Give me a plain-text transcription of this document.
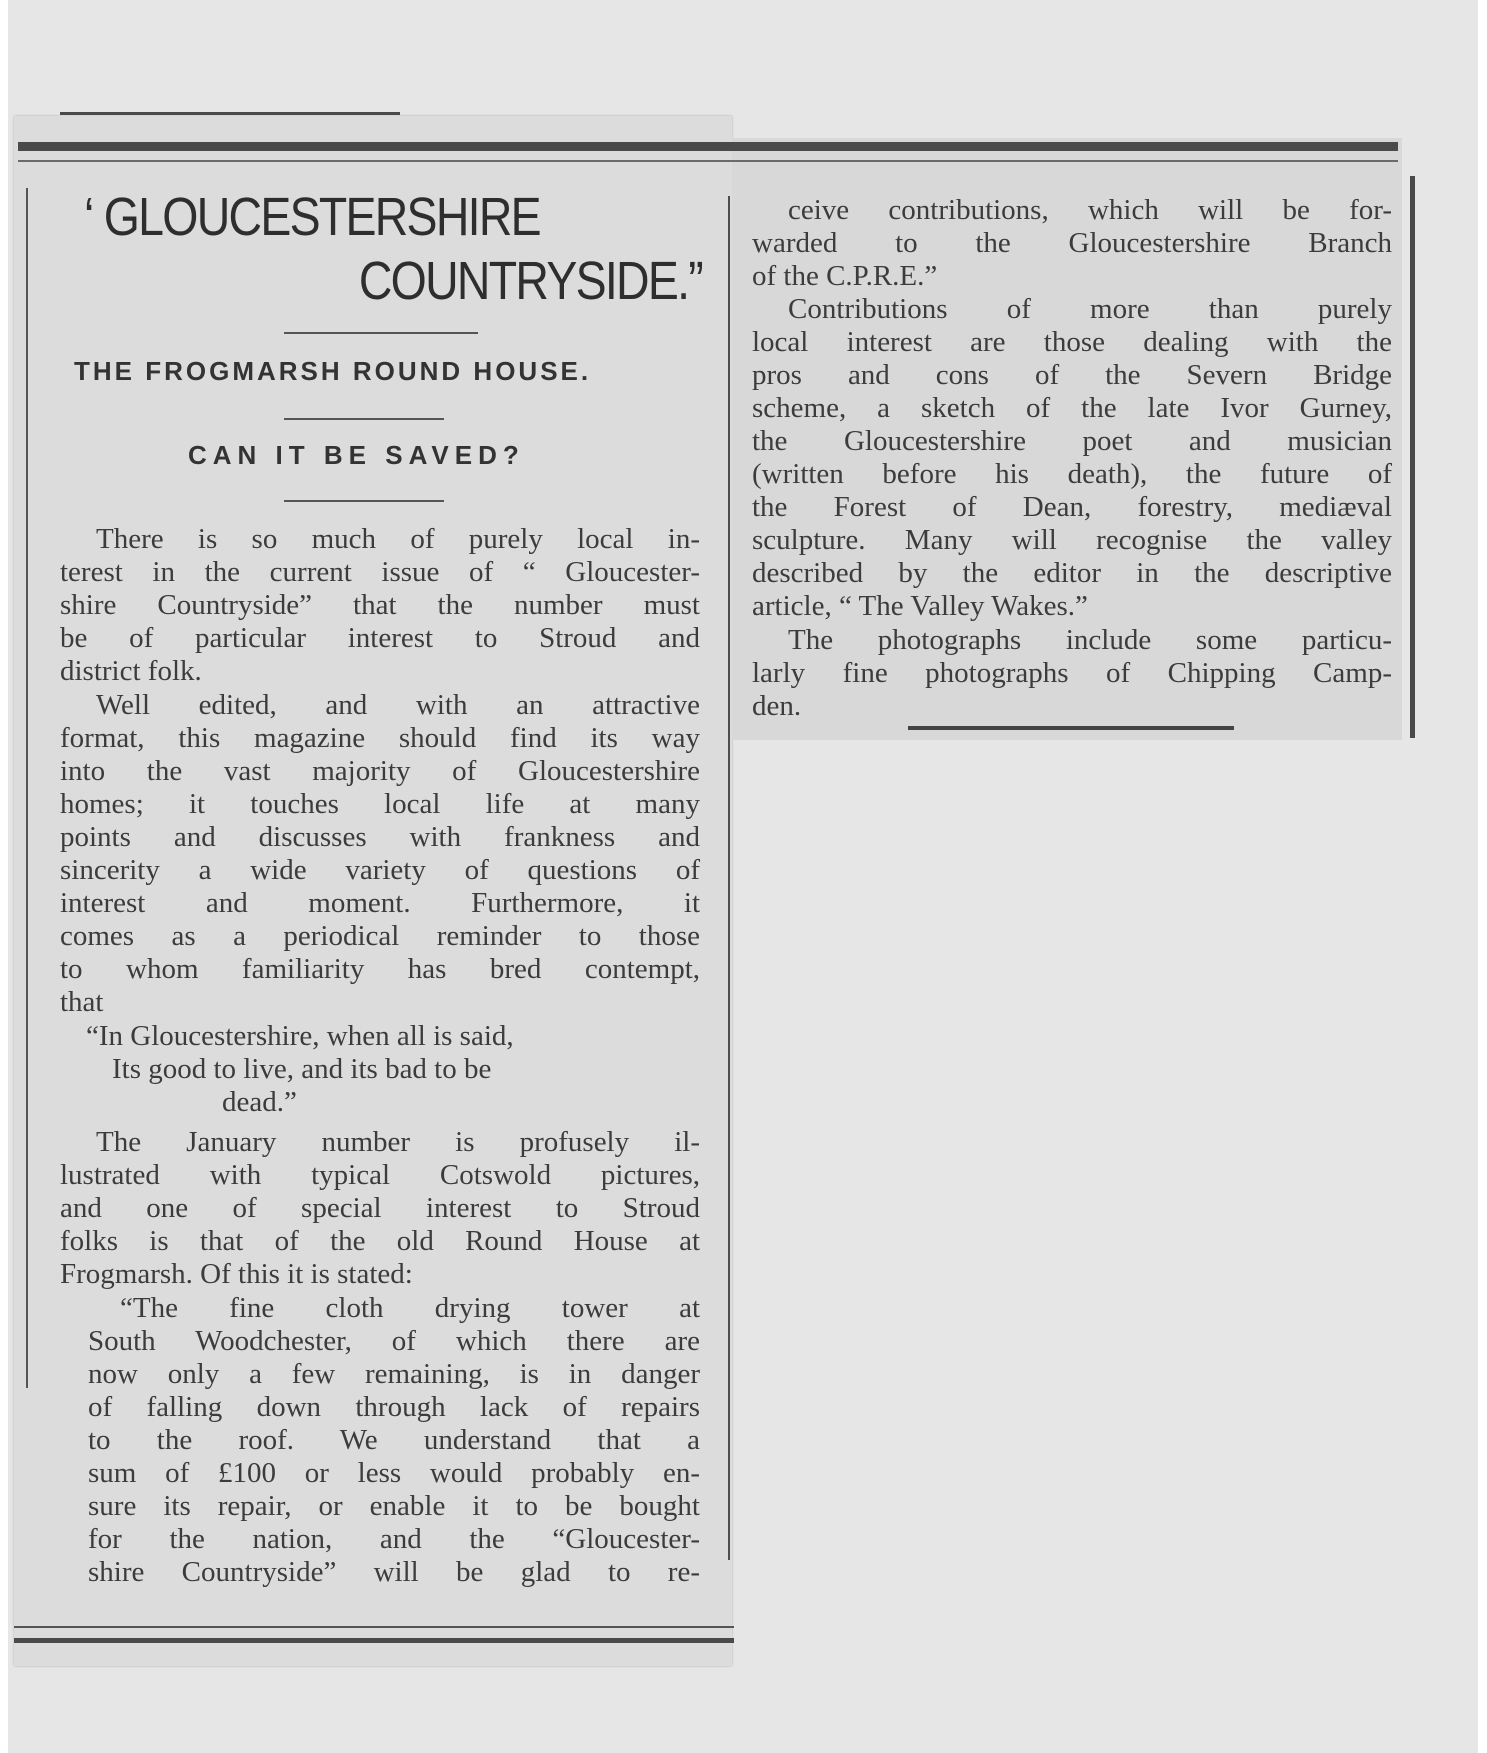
‘ GLOUCESTERSHIRE
COUNTRYSIDE.”
THE FROGMARSH ROUND HOUSE.
CAN IT BE SAVED?

There is so much of purely local in-

terest in the current issue of “ Gloucester-

shire Countryside” that the number must

be of particular interest to Stroud and

district folk.

Well edited, and with an attractive

format, this magazine should find its way

into the vast majority of Gloucestershire

homes; it touches local life at many

points and discusses with frankness and

sincerity a wide variety of questions of

interest and moment. Furthermore, it

comes as a periodical reminder to those

to whom familiarity has bred contempt,

that

“In Gloucestershire, when all is said,

Its good to live, and its bad to be

dead.”

The January number is profusely il-

lustrated with typical Cotswold pictures,

and one of special interest to Stroud

folks is that of the old Round House at

Frogmarsh. Of this it is stated:

“The fine cloth drying tower at

South Woodchester, of which there are

now only a few remaining, is in danger

of falling down through lack of repairs

to the roof. We understand that a

sum of £100 or less would probably en-

sure its repair, or enable it to be bought

for the nation, and the “Gloucester-

shire Countryside” will be glad to re-

ceive contributions, which will be for-

warded to the Gloucestershire Branch

of the C.P.R.E.”

Contributions of more than purely

local interest are those dealing with the

pros and cons of the Severn Bridge

scheme, a sketch of the late Ivor Gurney,

the Gloucestershire poet and musician

(written before his death), the future of

the Forest of Dean, forestry, mediæval

sculpture. Many will recognise the valley

described by the editor in the descriptive

article, “ The Valley Wakes.”

The photographs include some particu-

larly fine photographs of Chipping Camp-

den.
